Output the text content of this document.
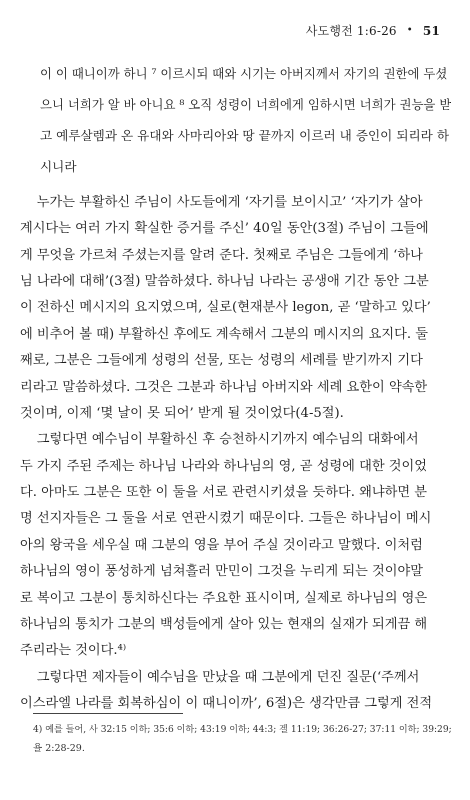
사도행전 1:6-26 • 51
이 이 때니이까 하니 ⁷ 이르시되 때와 시기는 아버지께서 자기의 권한에 두셨
으니 너희가 알 바 아니요 ⁸ 오직 성령이 너희에게 임하시면 너희가 권능을 받
고 예루살렘과 온 유대와 사마리아와 땅 끝까지 이르러 내 증인이 되리라 하
시니라
누가는 부활하신 주님이 사도들에게 ‘자기를 보이시고’ ‘자기가 살아
계시다는 여러 가지 확실한 증거를 주신’ 40일 동안(3절) 주님이 그들에
게 무엇을 가르쳐 주셨는지를 알려 준다. 첫째로 주님은 그들에게 ‘하나
님 나라에 대해’(3절) 말씀하셨다. 하나님 나라는 공생애 기간 동안 그분
이 전하신 메시지의 요지였으며, 실로(현재분사 legon, 곧 ‘말하고 있다’
에 비추어 볼 때) 부활하신 후에도 계속해서 그분의 메시지의 요지다. 둘
째로, 그분은 그들에게 성령의 선물, 또는 성령의 세례를 받기까지 기다
리라고 말씀하셨다. 그것은 그분과 하나님 아버지와 세례 요한이 약속한
것이며, 이제 ‘몇 날이 못 되어’ 받게 될 것이었다(4-5절).
그렇다면 예수님이 부활하신 후 승천하시기까지 예수님의 대화에서
두 가지 주된 주제는 하나님 나라와 하나님의 영, 곧 성령에 대한 것이었
다. 아마도 그분은 또한 이 둘을 서로 관련시키셨을 듯하다. 왜냐하면 분
명 선지자들은 그 둘을 서로 연관시켰기 때문이다. 그들은 하나님이 메시
아의 왕국을 세우실 때 그분의 영을 부어 주실 것이라고 말했다. 이처럼
하나님의 영이 풍성하게 넘쳐흘러 만민이 그것을 누리게 되는 것이야말
로 복이고 그분이 통치하신다는 주요한 표시이며, 실제로 하나님의 영은
하나님의 통치가 그분의 백성들에게 살아 있는 현재의 실재가 되게끔 해
주리라는 것이다.⁴⁾
그렇다면 제자들이 예수님을 만났을 때 그분에게 던진 질문(‘주께서
이스라엘 나라를 회복하심이 이 때니이까’, 6절)은 생각만큼 그렇게 전적
4) 예를 들어, 사 32:15 이하; 35:6 이하; 43:19 이하; 44:3; 겔 11:19; 36:26-27; 37:11 이하; 39:29;
욜 2:28-29.
